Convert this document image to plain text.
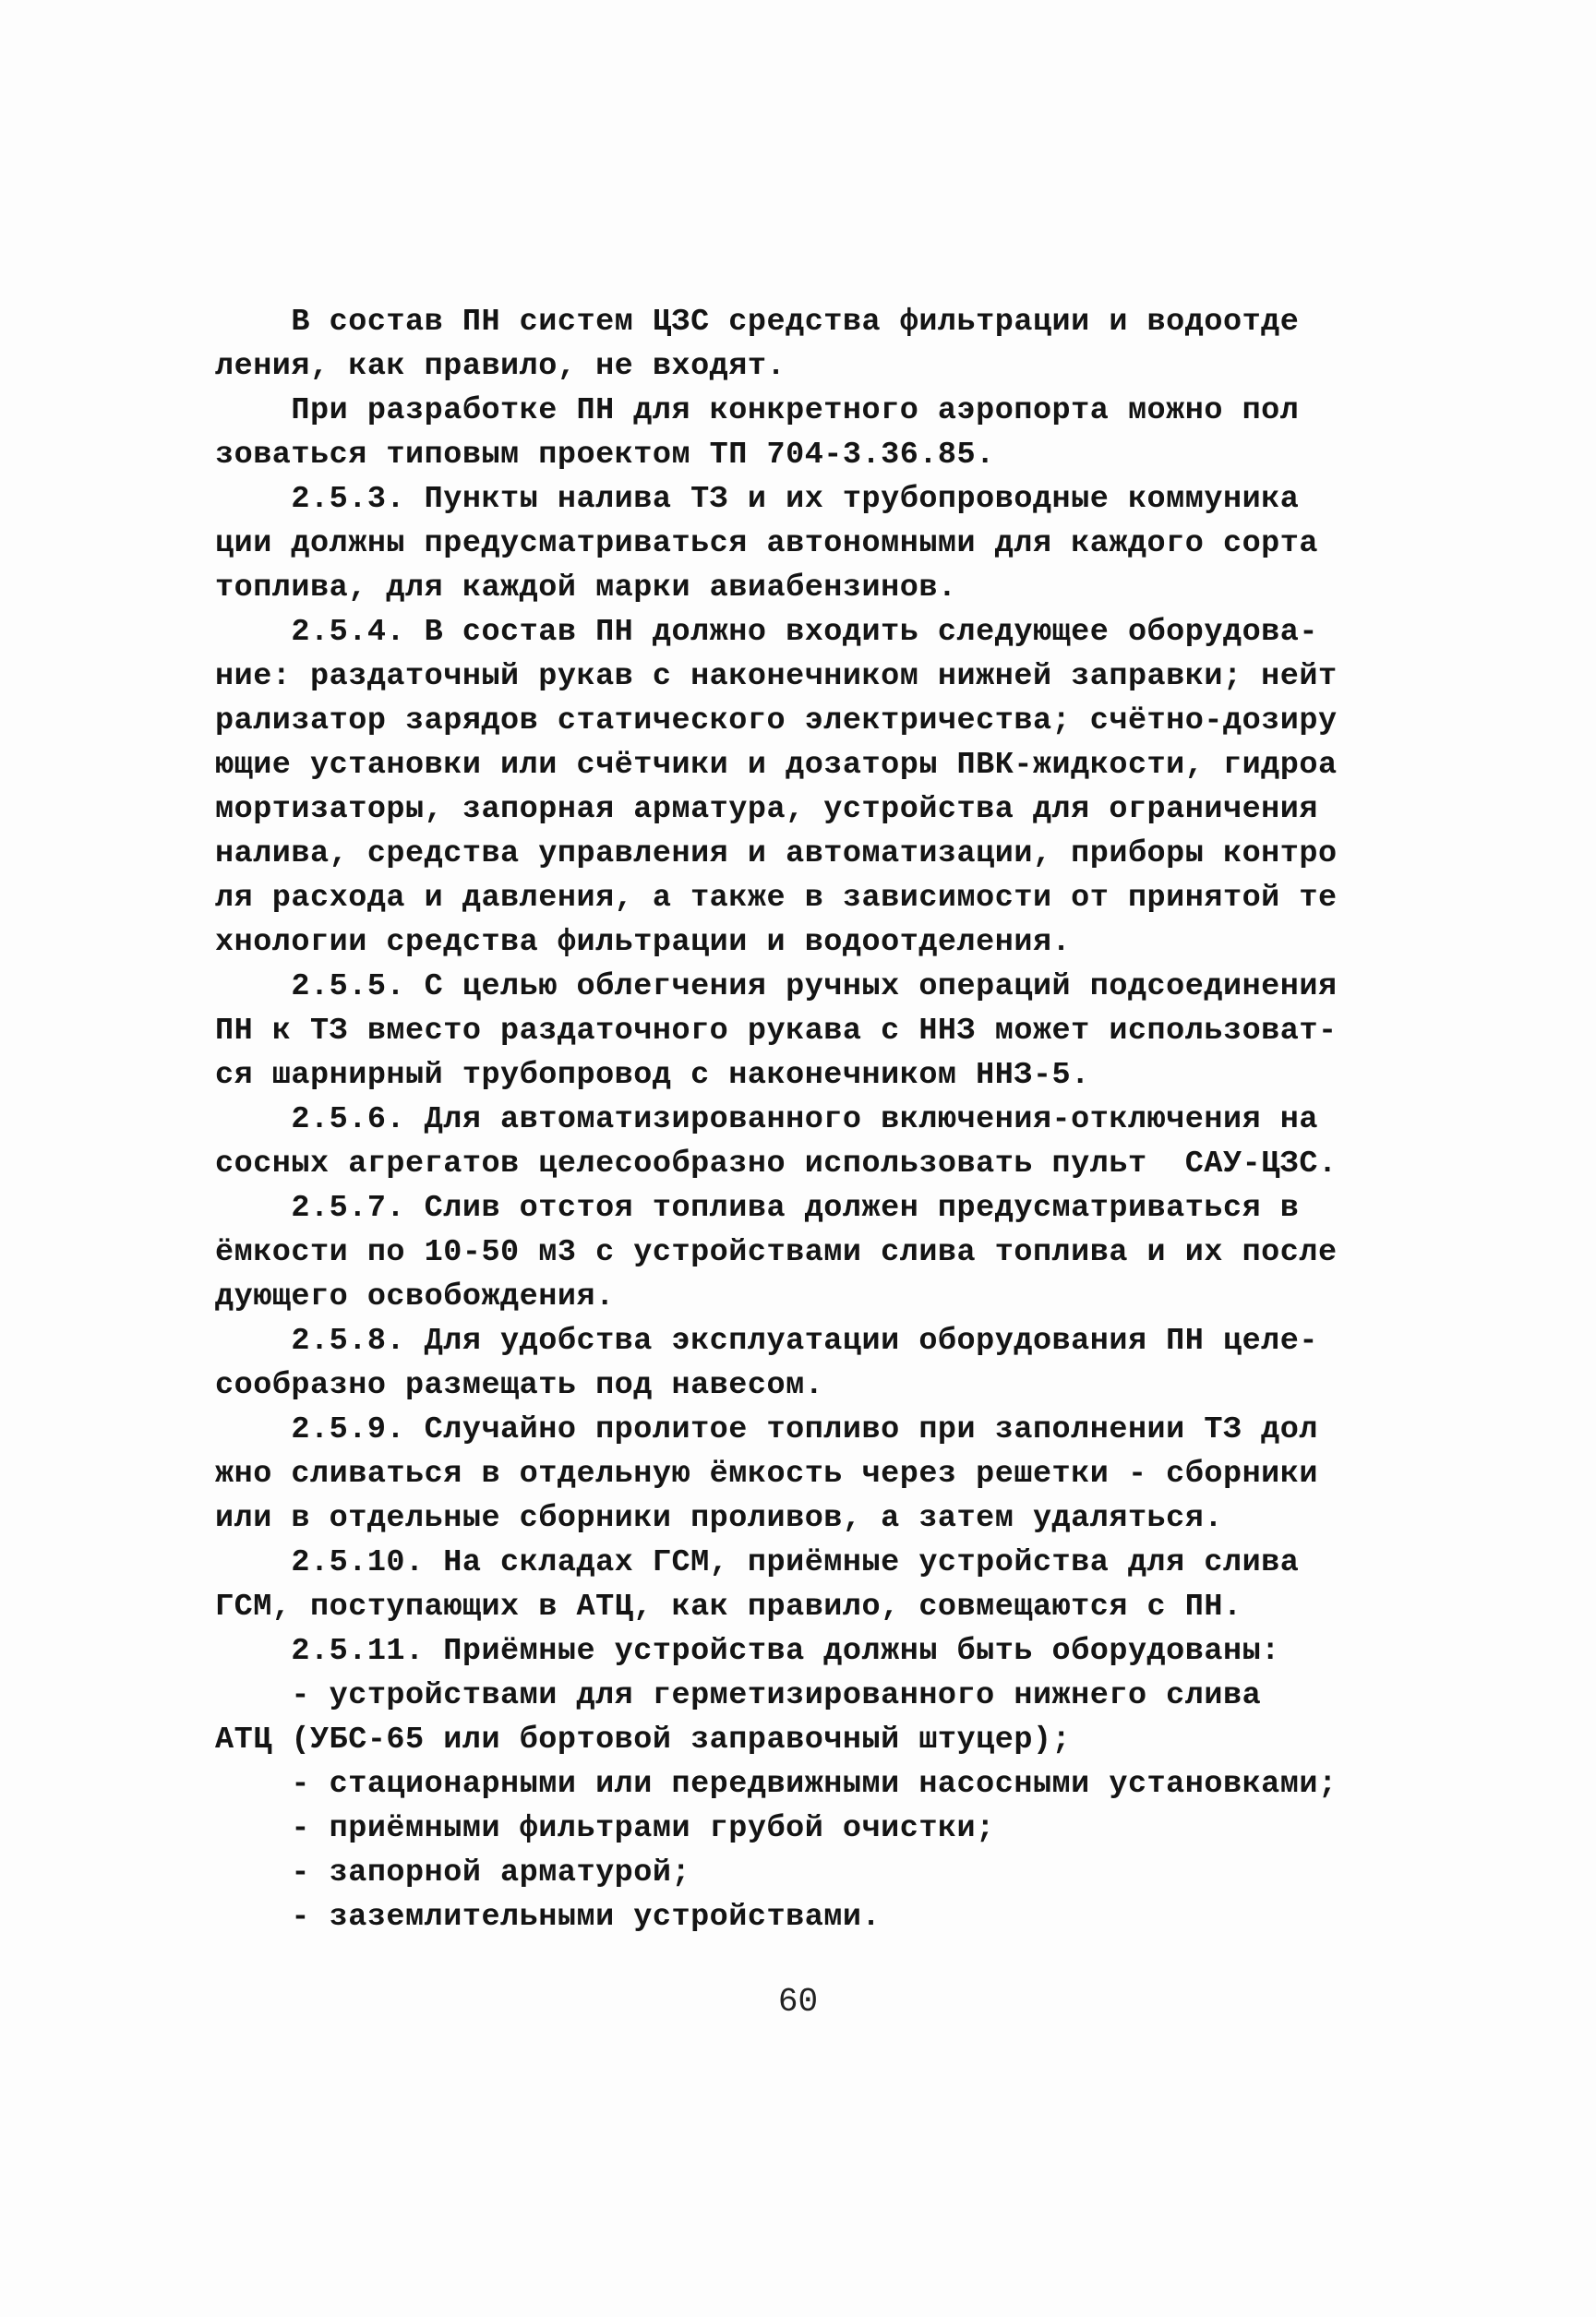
В состав ПН систем ЦЗС средства фильтрации и водоотде
ления, как правило, не входят.
При разработке ПН для конкретного аэропорта можно пол
зоваться типовым проектом ТП 704-3.36.85.
2.5.3. Пункты налива ТЗ и их трубопроводные коммуника
ции должны предусматриваться автономными для каждого сорта
топлива, для каждой марки авиабензинов.
2.5.4. В состав ПН должно входить следующее оборудова-
ние: раздаточный рукав с наконечником нижней заправки; нейт
рализатор зарядов статического электричества; счётно-дозиру
ющие установки или счётчики и дозаторы ПВК-жидкости, гидроа
мортизаторы, запорная арматура, устройства для ограничения
налива, средства управления и автоматизации, приборы контро
ля расхода и давления, а также в зависимости от принятой те
хнологии средства фильтрации и водоотделения.
2.5.5. С целью облегчения ручных операций подсоединения
ПН к ТЗ вместо раздаточного рукава с ННЗ может использоват-
ся шарнирный трубопровод с наконечником ННЗ-5.
2.5.6. Для автоматизированного включения-отключения на
сосных агрегатов целесообразно использовать пульт  САУ-ЦЗС.
2.5.7. Слив отстоя топлива должен предусматриваться в
ёмкости по 10-50 м3 с устройствами слива топлива и их после
дующего освобождения.
2.5.8. Для удобства эксплуатации оборудования ПН целе-
сообразно размещать под навесом.
2.5.9. Случайно пролитое топливо при заполнении ТЗ дол
жно сливаться в отдельную ёмкость через решетки - сборники
или в отдельные сборники проливов, а затем удаляться.
2.5.10. На складах ГСМ, приёмные устройства для слива
ГСМ, поступающих в АТЦ, как правило, совмещаются с ПН.
2.5.11. Приёмные устройства должны быть оборудованы:
- устройствами для герметизированного нижнего слива
АТЦ (УБС-65 или бортовой заправочный штуцер);
- стационарными или передвижными насосными установками;
- приёмными фильтрами грубой очистки;
- запорной арматурой;
- заземлительными устройствами.
60
